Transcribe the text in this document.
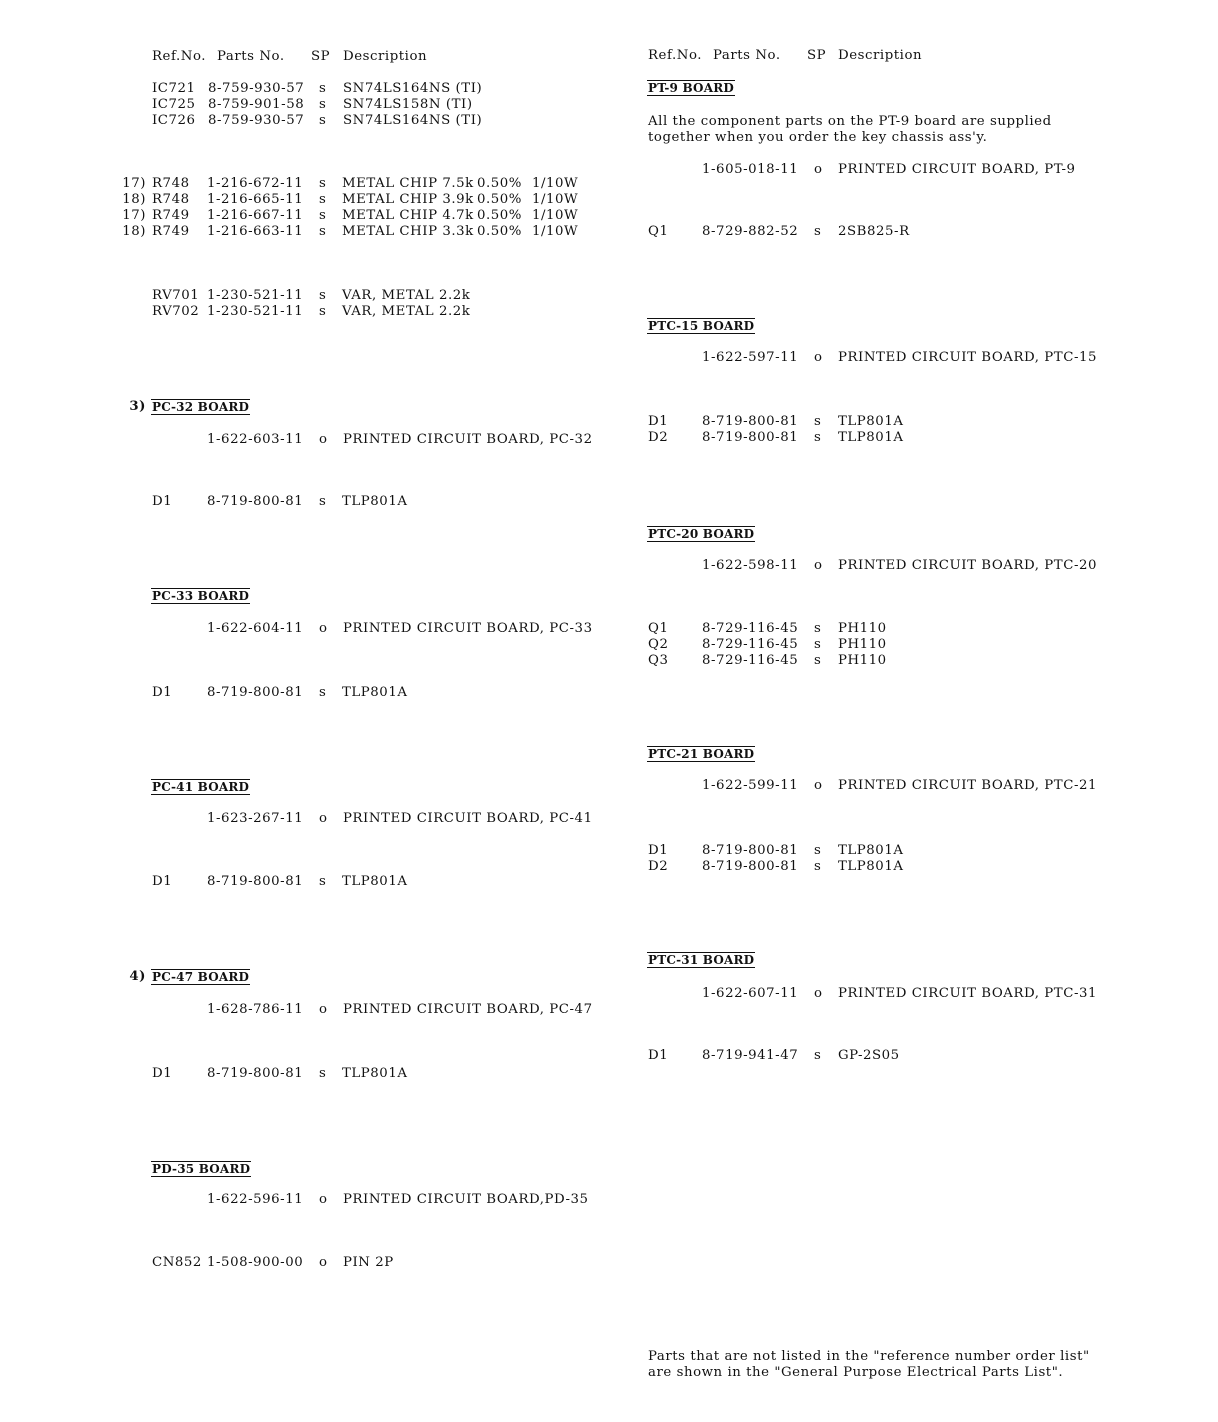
Ref.No. Parts No. SP Description
IC721 8-759-930-57 s SN74LS164NS (TI)
IC725 8-759-901-58 s SN74LS158N (TI)
IC726 8-759-930-57 s SN74LS164NS (TI)
17) R748 1-216-672-11 s METAL CHIP 7.5k 0.50% 1/10W
18) R748 1-216-665-11 s METAL CHIP 3.9k 0.50% 1/10W
17) R749 1-216-667-11 s METAL CHIP 4.7k 0.50% 1/10W
18) R749 1-216-663-11 s METAL CHIP 3.3k 0.50% 1/10W
RV701 1-230-521-11 s VAR, METAL 2.2k
RV702 1-230-521-11 s VAR, METAL 2.2k
3) PC-32 BOARD
1-622-603-11 o PRINTED CIRCUIT BOARD, PC-32
D1	8-719-800-81 s TLP801A
PC-33 BOARD
1-622-604-11 o PRINTED CIRCUIT BOARD, PC-33
D1	8-719-800-81 s TLP801A
PC-41 BOARD
1-623-267-11 o PRINTED CIRCUIT BOARD, PC-41
D1	8-719-800-81 s TLP801A
4) PC-47 BOARD
1-628-786-11 o PRINTED CIRCUIT BOARD, PC-47
D1	8-719-800-81 s TLP801A
PD-35 BOARD
1-622-596-11 o PRINTED CIRCUIT BOARD,PD-35
CN852 1-508-900-00 o PIN 2P
Ref.No. Parts No. SP Description
PT-9 BOARD
All the component parts on the PT-9 board are supplied
together when you order the key chassis ass'y.
1-605-018-11 o PRINTED CIRCUIT BOARD, PT-9
Q1	8-729-882-52 s 2SB825-R
PTC-15 BOARD
1-622-597-11 o PRINTED CIRCUIT BOARD, PTC-15
D1	8-719-800-81 s TLP801A
D2	8-719-800-81 s TLP801A
PTC-20 BOARD
1-622-598-11 o PRINTED CIRCUIT BOARD, PTC-20
Q1	8-729-116-45 s PH110
Q2	8-729-116-45 s PH110
Q3	8-729-116-45 s PH110
PTC-21 BOARD
1-622-599-11 o PRINTED CIRCUIT BOARD, PTC-21
D1	8-719-800-81 s TLP801A
D2	8-719-800-81 s TLP801A
PTC-31 BOARD
1-622-607-11 o PRINTED CIRCUIT BOARD, PTC-31
D1	8-719-941-47 s GP-2S05
Parts that are not listed in the "reference number order list"
are shown in the "General Purpose Electrical Parts List".
